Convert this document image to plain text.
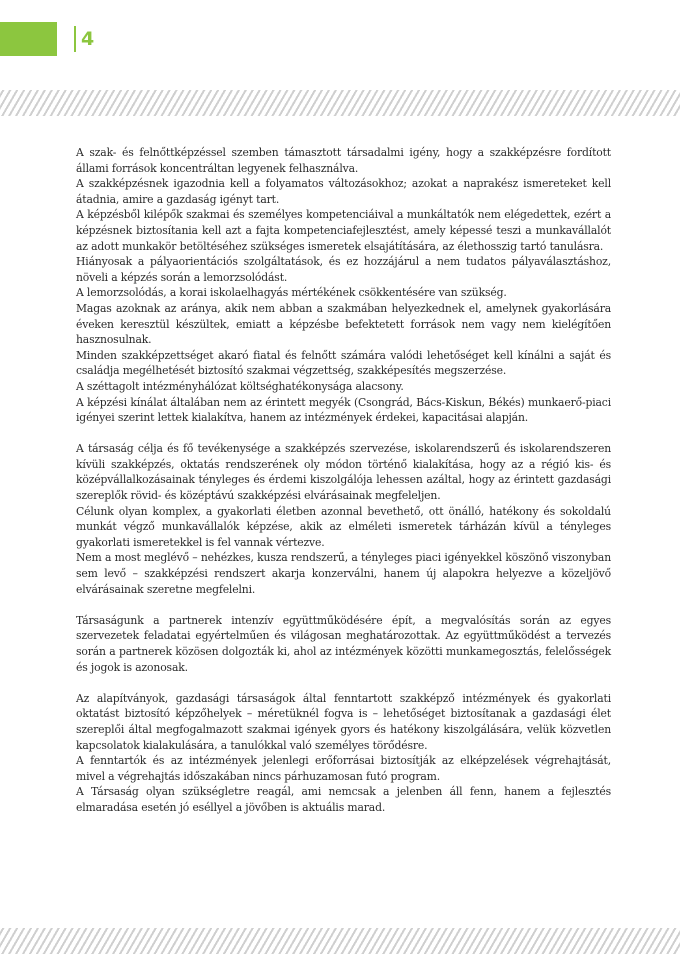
4

A szak- és felnőttképzéssel szemben támasztott társadalmi igény, hogy a szakképzésre fordított állami források koncentráltan legyenek felhasználva.

A szakképzésnek igazodnia kell a folyamatos változásokhoz; azokat a naprakész ismereteket kell átadnia, amire a gazdaság igényt tart.

A képzésből kilépők szakmai és személyes kompetenciáival a munkáltatók nem elégedettek, ezért a képzésnek biztosítania kell azt a fajta kompetenciafejlesztést, amely képessé teszi a munkavállalót az adott munkakör betöltéséhez szükséges ismeretek elsajátítására, az élethosszig tartó tanulásra.

Hiányosak a pályaorientációs szolgáltatások, és ez hozzájárul a nem tudatos pályaválasztáshoz, növeli a képzés során a lemorzsolódást.

A lemorzsolódás, a korai iskolaelhagyás mértékének csökkentésére van szükség.

Magas azoknak az aránya, akik nem abban a szakmában helyezkednek el, amelynek gyakorlására éveken keresztül készültek, emiatt a képzésbe befektetett források nem vagy nem kielégítően hasznosulnak.

Minden szakképzettséget akaró fiatal és felnőtt számára valódi lehetőséget kell kínálni a saját és családja megélhetését biztosító szakmai végzettség, szakképesítés megszerzése.

A széttagolt intézményhálózat költséghatékonysága alacsony.

A képzési kínálat általában nem az érintett megyék (Csongrád, Bács-Kiskun, Békés) munkaerő-piaci igényei szerint lettek kialakítva, hanem az intézmények érdekei, kapacitásai alapján.

A társaság célja és fő tevékenysége a szakképzés szervezése, iskolarendszerű és iskolarendszeren kívüli szakképzés, oktatás rendszerének oly módon történő kialakítása, hogy az a régió kis- és középvállalkozásainak tényleges és érdemi kiszolgálója lehessen azáltal, hogy az érintett gazdasági szereplők rövid- és középtávú szakképzési elvárásainak megfeleljen.

Célunk olyan komplex, a gyakorlati életben azonnal bevethető, ott önálló, hatékony és sokoldalú munkát végző munkavállalók képzése, akik az elméleti ismeretek tárházán kívül a tényleges gyakorlati ismeretekkel is fel vannak vértezve.

Nem a most meglévő – nehézkes, kusza rendszerű, a tényleges piaci igényekkel köszönő viszonyban sem levő – szakképzési rendszert akarja konzerválni, hanem új alapokra helyezve a közeljövő elvárásainak szeretne megfelelni.

Társaságunk a partnerek intenzív együttműködésére épít, a megvalósítás során az egyes szervezetek feladatai egyértelműen és világosan meghatározottak. Az együttműködést a tervezés során a partnerek közösen dolgozták ki, ahol az intézmények közötti munkamegosztás, felelősségek és jogok is azonosak.

Az alapítványok, gazdasági társaságok által fenntartott szakképző intézmények és gyakorlati oktatást biztosító képzőhelyek – méretüknél fogva is – lehetőséget biztosítanak a gazdasági élet szereplői által megfogalmazott szakmai igények gyors és hatékony kiszolgálására, velük közvetlen kapcsolatok kialakulására, a tanulókkal való személyes törődésre.

A fenntartók és az intézmények jelenlegi erőforrásai biztosítják az elképzelések végrehajtását, mivel a végrehajtás időszakában nincs párhuzamosan futó program.

A Társaság olyan szükségletre reagál, ami nemcsak a jelenben áll fenn, hanem a fejlesztés elmaradása esetén jó eséllyel a jövőben is aktuális marad.
